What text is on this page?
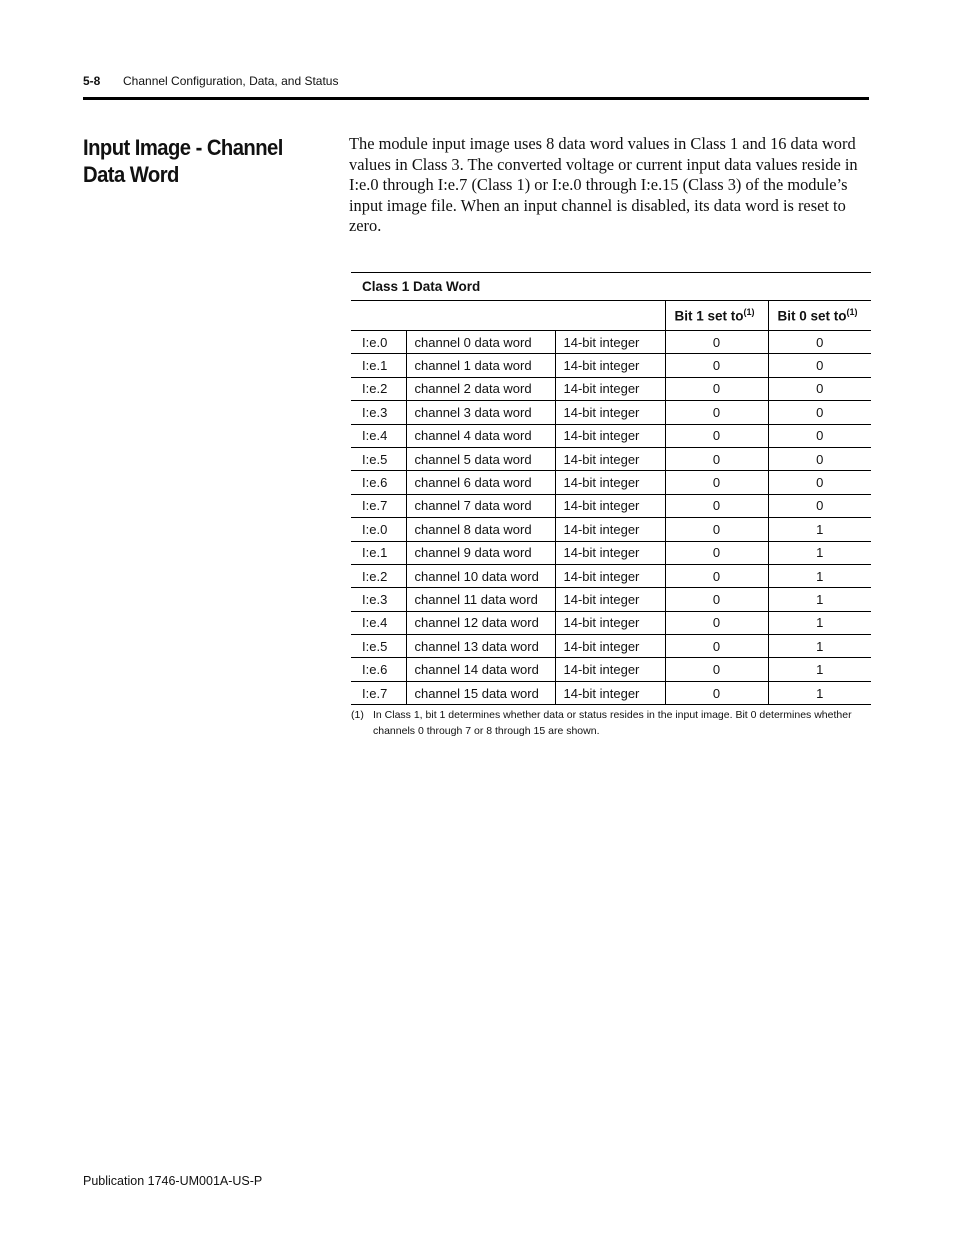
5-8 Channel Configuration, Data, and Status
Input Image - Channel Data Word

The module input image uses 8 data word values in Class 1 and 16 data word values in Class 3. The converted voltage or current input data values reside in I:e.0 through I:e.7 (Class 1) or I:e.0 through I:e.15 (Class 3) of the module’s input image file. When an input channel is disabled, its data word is reset to zero.

Class 1 Data Word				
			Bit 1 set $to^{(1)}$	Bit 0 set $to^{(1)}$
I:e.0	channel 0 data word	14-bit integer	0	0
I:e.1	channel 1 data word	14-bit integer	0	0
I:e.2	channel 2 data word	14-bit integer	0	0
I:e.3	channel 3 data word	14-bit integer	0	0
I:e.4	channel 4 data word	14-bit integer	0	0
I:e.5	channel 5 data word	14-bit integer	0	0
I:e.6	channel 6 data word	14-bit integer	0	0
I:e.7	channel 7 data word	14-bit integer	0	0
I:e.0	channel 8 data word	14-bit integer	0	1
I:e.1	channel 9 data word	14-bit integer	0	1
I:e.2	channel 10 data word	14-bit integer	0	1
I:e.3	channel 11 data word	14-bit integer	0	1
I:e.4	channel 12 data word	14-bit integer	0	1
I:e.5	channel 13 data word	14-bit integer	0	1
I:e.6	channel 14 data word	14-bit integer	0	1
I:e.7	channel 15 data word	14-bit integer	0	1
(1) In Class 1, bit 1 determines whether data or status resides in the input image. Bit 0 determines whether channels 0 through 7 or 8 through 15 are shown.
Publication 1746-UM001A-US-P
